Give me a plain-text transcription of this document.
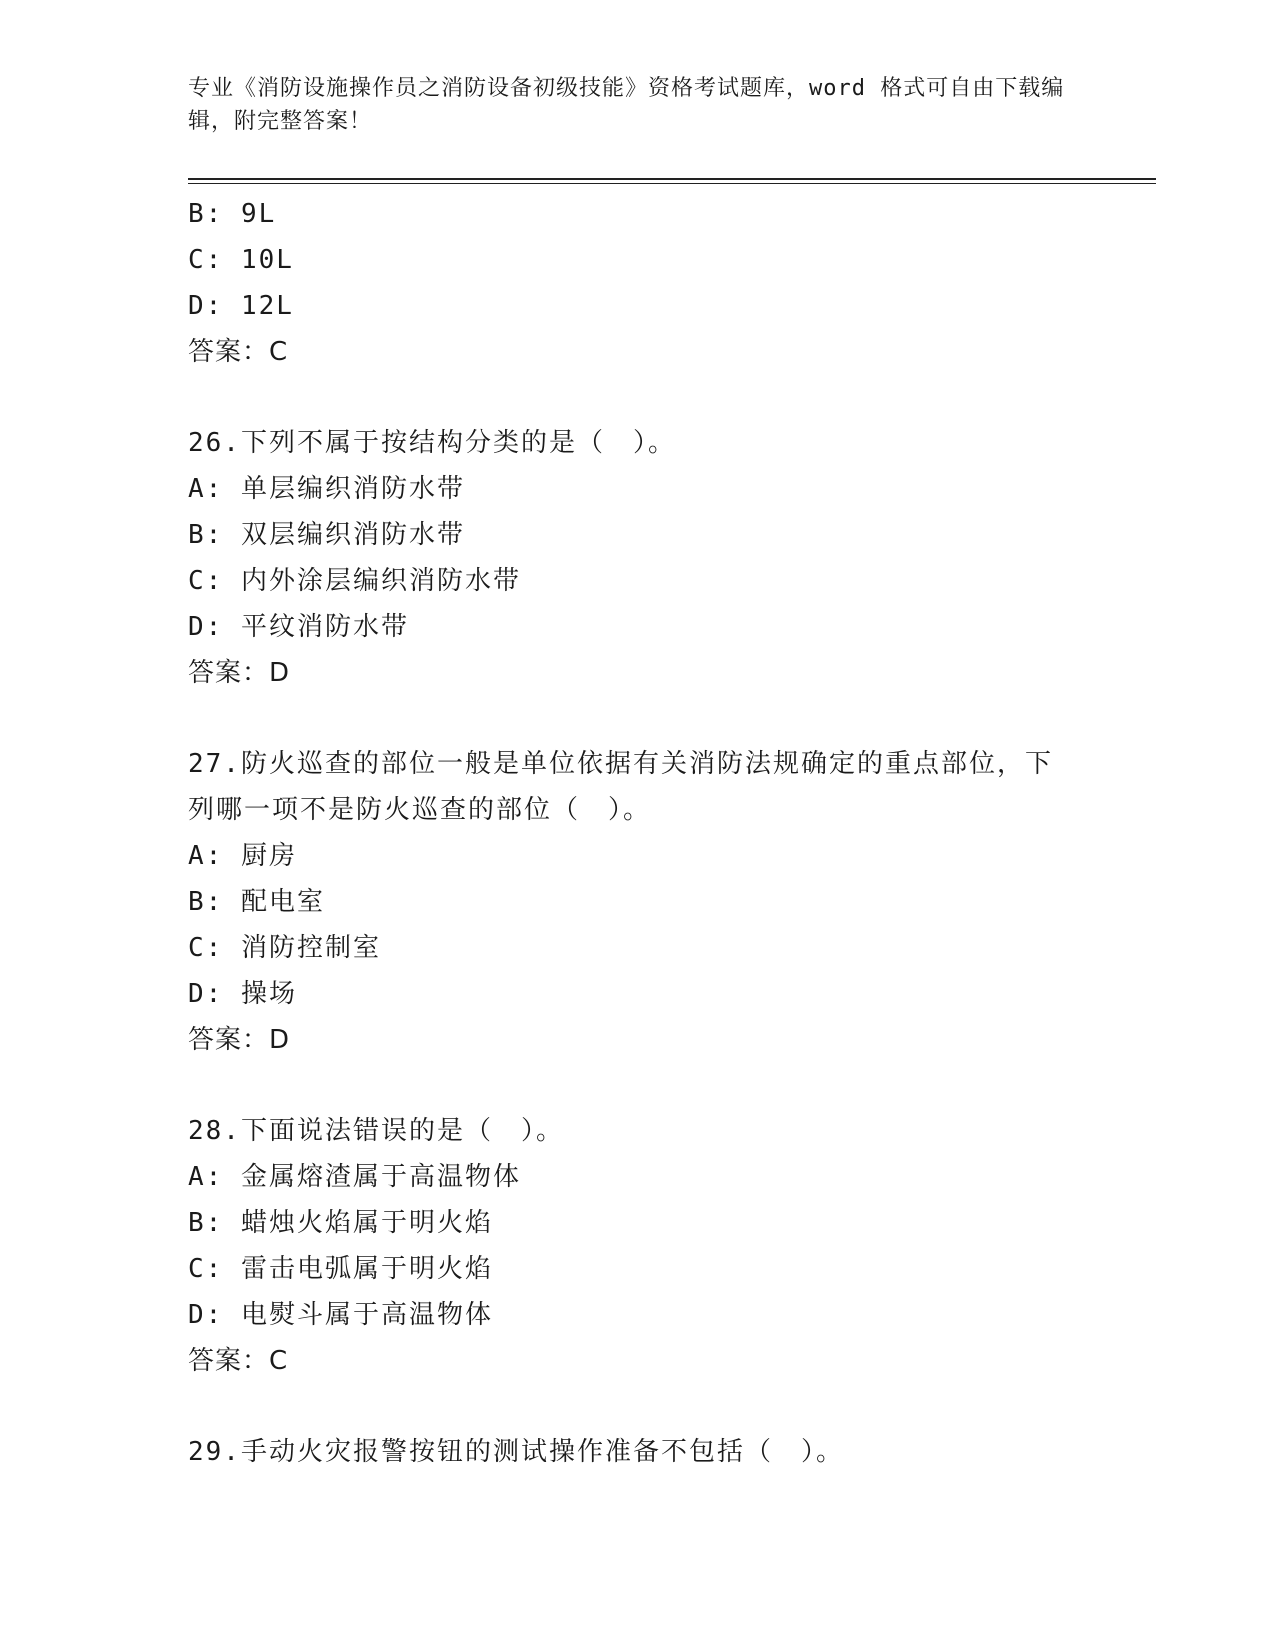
专业《消防设施操作员之消防设备初级技能》资格考试题库，word 格式可自由下载编辑，附完整答案！
B: 9L
C: 10L
D: 12L
答案：C
26.下列不属于按结构分类的是（　）。
A: 单层编织消防水带
B: 双层编织消防水带
C: 内外涂层编织消防水带
D: 平纹消防水带
答案：D
27.防火巡查的部位一般是单位依据有关消防法规确定的重点部位，下
列哪一项不是防火巡查的部位（　）。
A: 厨房
B: 配电室
C: 消防控制室
D: 操场
答案：D
28.下面说法错误的是（　）。
A: 金属熔渣属于高温物体
B: 蜡烛火焰属于明火焰
C: 雷击电弧属于明火焰
D: 电熨斗属于高温物体
答案：C
29.手动火灾报警按钮的测试操作准备不包括（　）。
